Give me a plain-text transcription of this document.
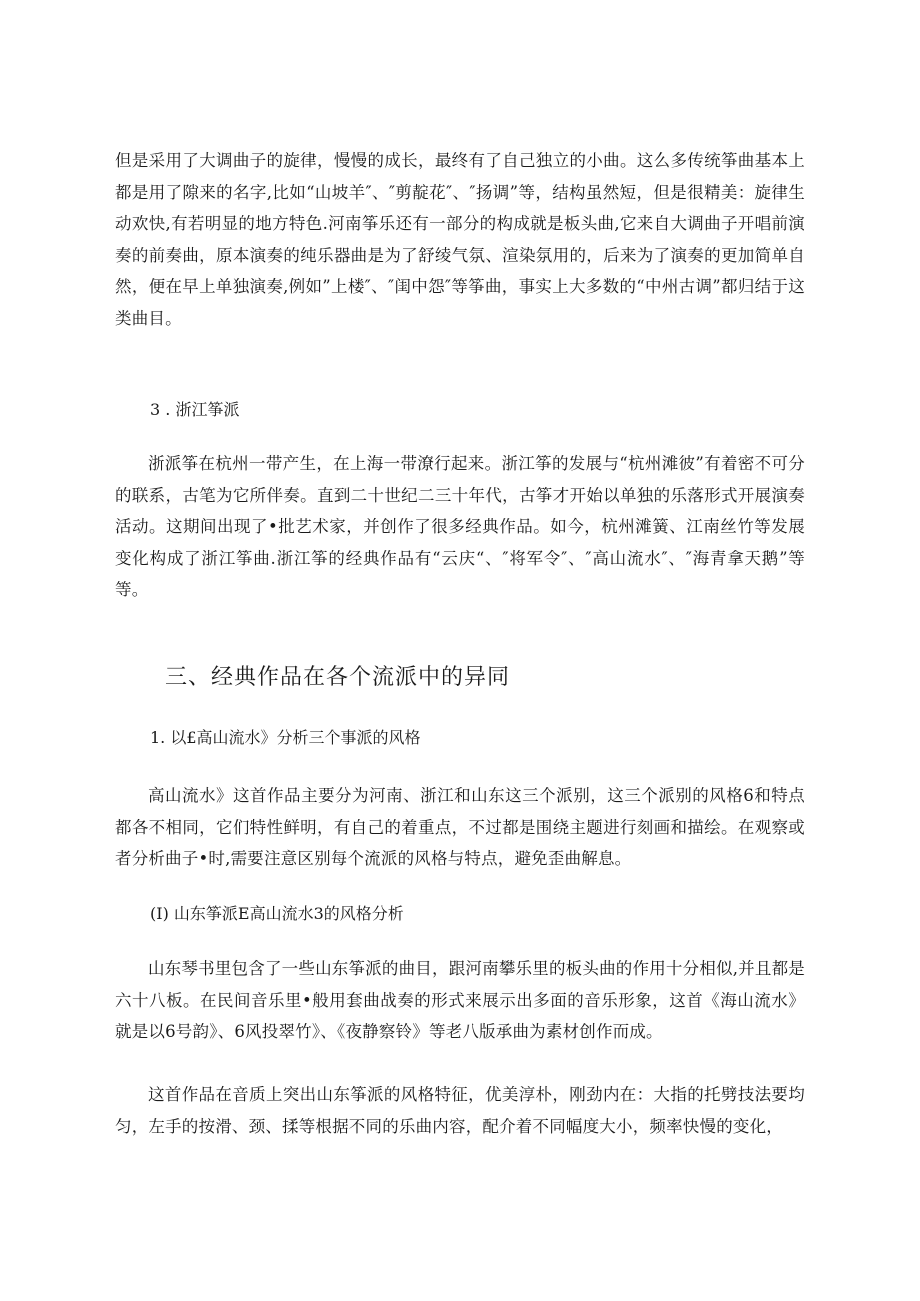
但是采用了大调曲子的旋律，慢慢的成长，最终有了自己独立的小曲。这么多传统筝曲基本上都是用了隙来的名字,比如“山坡羊″、″剪靛花″、″扬调”等，结构虽然短，但是很精美：旋律生动欢快,有若明显的地方特色.河南筝乐还有一部分的构成就是板头曲,它来自大调曲子开唱前演奏的前奏曲，原本演奏的纯乐器曲是为了舒绫气氛、渲染氛用的，后来为了演奏的更加简单自然，便在早上单独演奏,例如”上楼″、″闺中怨″等筝曲，事实上大多数的“中州古调”都归结于这类曲目。

3 . 浙江筝派

浙派筝在杭州一带产生，在上海一带潦行起来。浙江筝的发展与“杭州滩彼”有着密不可分的联系，古笔为它所伴奏。直到二十世纪二三十年代，古筝才开始以单独的乐落形式开展演奏活动。这期间出现了•批艺术家，并创作了很多经典作品。如今，杭州滩簧、江南丝竹等发展变化构成了浙江筝曲.浙江筝的经典作品有“云庆“、″将军令″、″高山流水″、″海青拿天鹅”等等。

三、经典作品在各个流派中的异同

1. 以£高山流水》分析三个事派的风格

高山流水》这首作品主要分为河南、浙江和山东这三个派别，这三个派别的风格6和特点都各不相同，它们特性鲜明，有自己的着重点，不过都是围绕主题进行刻画和描绘。在观察或者分析曲子•时,需要注意区别每个流派的风格与特点，避免歪曲解息。

(I) 山东筝派E高山流水3的风格分析

山东琴书里包含了一些山东筝派的曲目，跟河南攀乐里的板头曲的作用十分相似,并且都是六十八板。在民间音乐里•般用套曲战奏的形式来展示出多面的音乐形象，这首《海山流水》就是以6号韵》、6风投翠竹》、《夜静察铃》等老八版承曲为素材创作而成。

这首作品在音质上突出山东筝派的风格特征，优美淳朴，刚劲内在：大指的托劈技法要均匀，左手的按滑、颈、揉等根据不同的乐曲内容，配介着不同幅度大小，频率快慢的变化，
